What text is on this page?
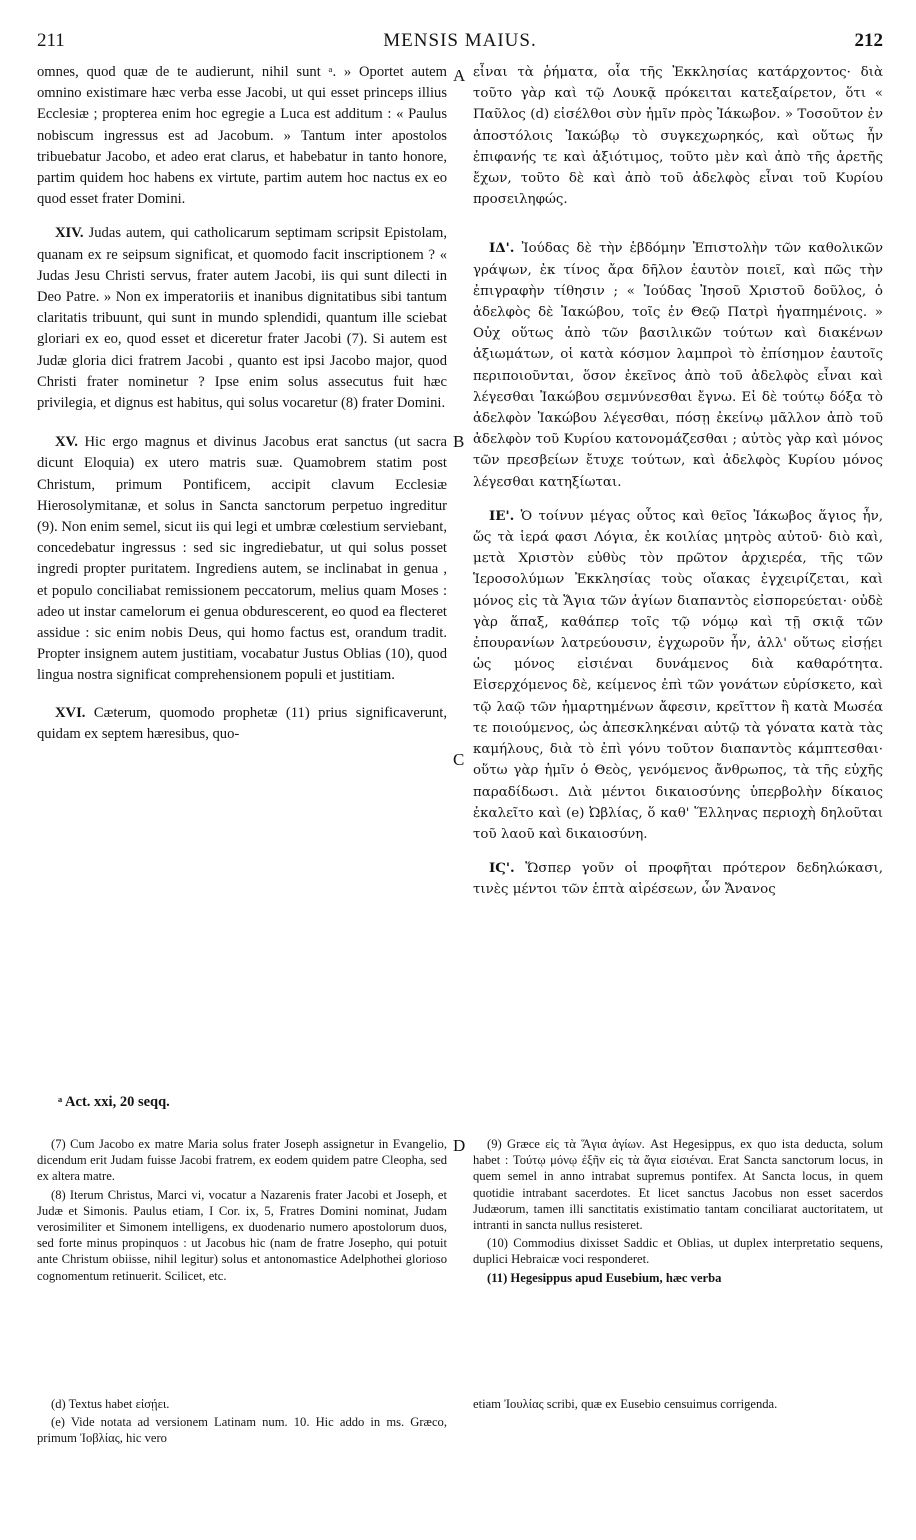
211	MENSIS MAIUS.	212
A
B
C
D

omnes, quod quæ de te audierunt, nihil sunt ᵃ. » Oportet autem omnino existimare hæc verba esse Jacobi, ut qui esset princeps illius Ecclesiæ ; propterea enim hoc egregie a Luca est additum : « Paulus nobiscum ingressus est ad Jacobum. » Tantum inter apostolos tribuebatur Jacobo, et adeo erat clarus, et habebatur in tanto honore, partim quidem hoc habens ex virtute, partim autem hoc nactus ex eo quod esset frater Domini.

XIV. Judas autem, qui catholicarum septimam scripsit Epistolam, quanam ex re seipsum significat, et quomodo facit inscriptionem ? « Judas Jesu Christi servus, frater autem Jacobi, iis qui sunt dilecti in Deo Patre. » Non ex imperatoriis et inanibus dignitatibus sibi tantum claritatis tribuunt, qui sunt in mundo splendidi, quantum ille sciebat gloriari ex eo, quod esset et diceretur frater Jacobi (7). Si autem est Judæ gloria dici fratrem Jacobi , quanto est ipsi Jacobo major, quod Christi frater nominetur ? Ipse enim solus assecutus fuit hæc privilegia, et dignus est habitus, qui solus vocaretur (8) frater Domini.

XV. Hic ergo magnus et divinus Jacobus erat sanctus (ut sacra dicunt Eloquia) ex utero matris suæ. Quamobrem statim post Christum, primum Pontificem, accipit clavum Ecclesiæ Hierosolymitanæ, et solus in Sancta sanctorum perpetuo ingreditur (9). Non enim semel, sicut iis qui legi et umbræ cœlestium serviebant, concedebatur ingressus : sed sic ingrediebatur, ut qui solus posset ingredi propter puritatem. Ingrediens autem, se inclinabat in genua , et populo conciliabat remissionem peccatorum, melius quam Moses : adeo ut instar camelorum ei genua obdurescerent, eo quod ea flecteret assidue : sic enim nobis Deus, qui homo factus est, orandum tradit. Propter insignem autem justitiam, vocabatur Justus Oblias (10), quod lingua nostra significat comprehensionem populi et justitiam.

XVI. Cæterum, quomodo prophetæ (11) prius significaverunt, quidam ex septem hæresibus, quo-

εἶναι τὰ ῥήματα, οἷα τῆς Ἐκκλησίας κατάρχοντος· διὰ τοῦτο γὰρ καὶ τῷ Λουκᾷ πρόκειται κατεξαίρετον, ὅτι « Παῦλος (d) εἰσέλθοι σὺν ἡμῖν πρὸς Ἰάκωβον. » Τοσοῦτον ἐν ἀποστόλοις Ἰακώβῳ τὸ συγκεχωρηκός, καὶ οὕτως ἦν ἐπιφανής τε καὶ ἀξιότιμος, τοῦτο μὲν καὶ ἀπὸ τῆς ἀρετῆς ἔχων, τοῦτο δὲ καὶ ἀπὸ τοῦ ἀδελφὸς εἶναι τοῦ Κυρίου προσειληφώς.

ΙΔ'. Ἰούδας δὲ τὴν ἑβδόμην Ἐπιστολὴν τῶν καθολικῶν γράψων, ἐκ τίνος ἄρα δῆλον ἑαυτὸν ποιεῖ, καὶ πῶς τὴν ἐπιγραφὴν τίθησιν ; « Ἰούδας Ἰησοῦ Χριστοῦ δοῦλος, ὁ ἀδελφὸς δὲ Ἰακώβου, τοῖς ἐν Θεῷ Πατρὶ ἠγαπημένοις. » Οὐχ οὕτως ἀπὸ τῶν βασιλικῶν τούτων καὶ διακένων ἀξιωμάτων, οἱ κατὰ κόσμον λαμπροὶ τὸ ἐπίσημον ἑαυτοῖς περιποιοῦνται, ὅσον ἐκεῖνος ἀπὸ τοῦ ἀδελφὸς εἶναι καὶ λέγεσθαι Ἰακώβου σεμνύνεσθαι ἔγνω. Εἰ δὲ τούτῳ δόξα τὸ ἀδελφὸν Ἰακώβου λέγεσθαι, πόσῃ ἐκείνῳ μᾶλλον ἀπὸ τοῦ ἀδελφὸν τοῦ Κυρίου κατονομάζεσθαι ; αὐτὸς γὰρ καὶ μόνος τῶν πρεσβείων ἔτυχε τούτων, καὶ ἀδελφὸς Κυρίου μόνος λέγεσθαι κατηξίωται.

ΙΕ'. Ὁ τοίνυν μέγας οὗτος καὶ θεῖος Ἰάκωβος ἅγιος ἦν, ὥς τὰ ἱερά φασι Λόγια, ἐκ κοιλίας μητρὸς αὐτοῦ· διὸ καὶ, μετὰ Χριστὸν εὐθὺς τὸν πρῶτον ἀρχιερέα, τῆς τῶν Ἱεροσολύμων Ἐκκλησίας τοὺς οἴακας ἐγχειρίζεται, καὶ μόνος εἰς τὰ Ἅγια τῶν ἁγίων διαπαντὸς εἰσπορεύεται· οὐδὲ γὰρ ἅπαξ, καθάπερ τοῖς τῷ νόμῳ καὶ τῇ σκιᾷ τῶν ἐπουρανίων λατρεύουσιν, ἐγχωροῦν ἦν, ἀλλ' οὕτως εἰσῄει ὡς μόνος εἰσιέναι δυνάμενος διὰ καθαρότητα. Εἰσερχόμενος δὲ, κείμενος ἐπὶ τῶν γονάτων εὑρίσκετο, καὶ τῷ λαῷ τῶν ἡμαρτημένων ἄφεσιν, κρεῖττον ἢ κατὰ Μωσέα τε ποιούμενος, ὡς ἀπεσκληκέναι αὐτῷ τὰ γόνατα κατὰ τὰς καμήλους, διὰ τὸ ἐπὶ γόνυ τοῦτον διαπαντὸς κάμπτεσθαι· οὕτω γὰρ ἡμῖν ὁ Θεὸς, γενόμενος ἄνθρωπος, τὰ τῆς εὐχῆς παραδίδωσι. Διὰ μέντοι δικαιοσύνης ὑπερβολὴν δίκαιος ἐκαλεῖτο καὶ (e) Ὠβλίας, ὅ καθ' Ἕλληνας περιοχὴ δηλοῦται τοῦ λαοῦ καὶ δικαιοσύνη.

ΙϚ'. Ὥσπερ γοῦν οἱ προφῆται πρότερον δεδηλώκασι, τινὲς μέντοι τῶν ἑπτὰ αἱρέσεων, ὧν Ἄνανος

ᵃ Act. xxi, 20 seqq.

(7) Cum Jacobo ex matre Maria solus frater Joseph assignetur in Evangelio, dicendum erit Judam fuisse Jacobi fratrem, ex eodem quidem patre Cleopha, sed ex altera matre.

(8) Iterum Christus, Marci vi, vocatur a Nazarenis frater Jacobi et Joseph, et Judæ et Simonis. Paulus etiam, I Cor. ix, 5, Fratres Domini nominat, Judam verosimiliter et Simonem intelligens, ex duodenario numero apostolorum duos, sed forte minus propinquos : ut Jacobus hic (nam de fratre Josepho, qui potuit ante Christum obiisse, nihil legitur) solus et antonomastice Adelphothei glorioso cognomentum retinuerit. Scilicet, etc.

(9) Græce εἰς τὰ Ἅγια ἁγίων. Ast Hegesippus, ex quo ista deducta, solum habet : Τούτῳ μόνῳ ἐξῆν εἰς τὰ ἅγια εἰσιέναι. Erat Sancta sanctorum locus, in quem semel in anno intrabat supremus pontifex. At Sancta locus, in quem quotidie intrabant sacerdotes. Et licet sanctus Jacobus non esset sacerdos Judæorum, tamen illi sanctitatis existimatio tantam conciliarat auctoritatem, ut intranti in sancta nullus resisteret.

(10) Commodius dixisset Saddic et Oblias, ut duplex interpretatio sequens, duplici Hebraicæ voci responderet.

(11) Hegesippus apud Eusebium, hæc verba

(d) Textus habet εἰσῄει.

(e) Vide notata ad versionem Latinam num. 10. Hic addo in ms. Græco, primum Ἰοβλίας, hic vero

etiam Ἰουλίας scribi, quæ ex Eusebio censuimus corrigenda.
